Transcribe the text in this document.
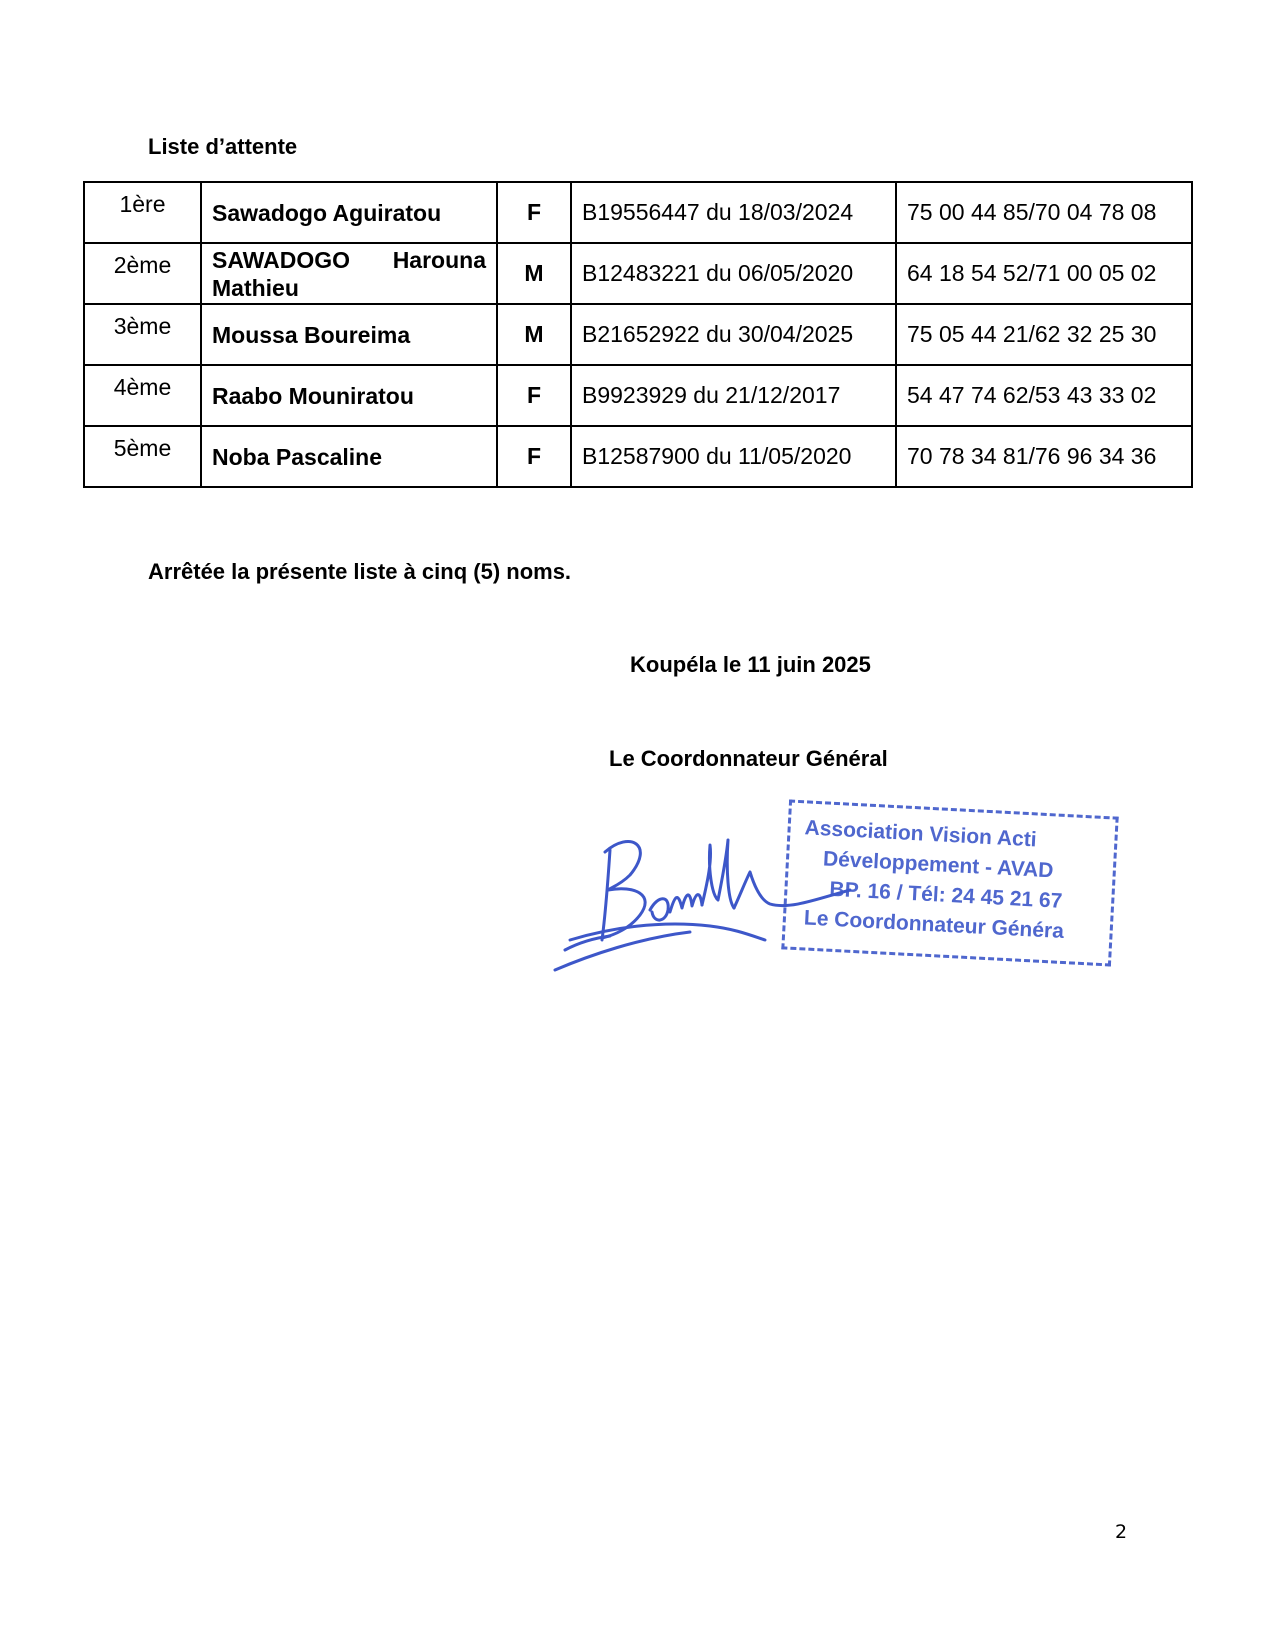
Liste d’attente
1ère	Sawadogo Aguiratou	F	B19556447 du 18/03/2024	75 00 44 85/70 04 78 08
2ème	SAWADOGO Harouna Mathieu	M	B12483221 du 06/05/2020	64 18 54 52/71 00 05 02
3ème	Moussa Boureima	M	B21652922 du 30/04/2025	75 05 44 21/62 32 25 30
4ème	Raabo Mouniratou	F	B9923929 du 21/12/2017	54 47 74 62/53 43 33 02
5ème	Noba Pascaline	F	B12587900 du 11/05/2020	70 78 34 81/76 96 34 36
Arrêtée la présente liste à cinq (5) noms.
Koupéla le 11 juin 2025
Le Coordonnateur Général
Association Vision Acti
Développement - AVAD
BP. 16 / Tél: 24 45 21 67
Le Coordonnateur Généra
2
